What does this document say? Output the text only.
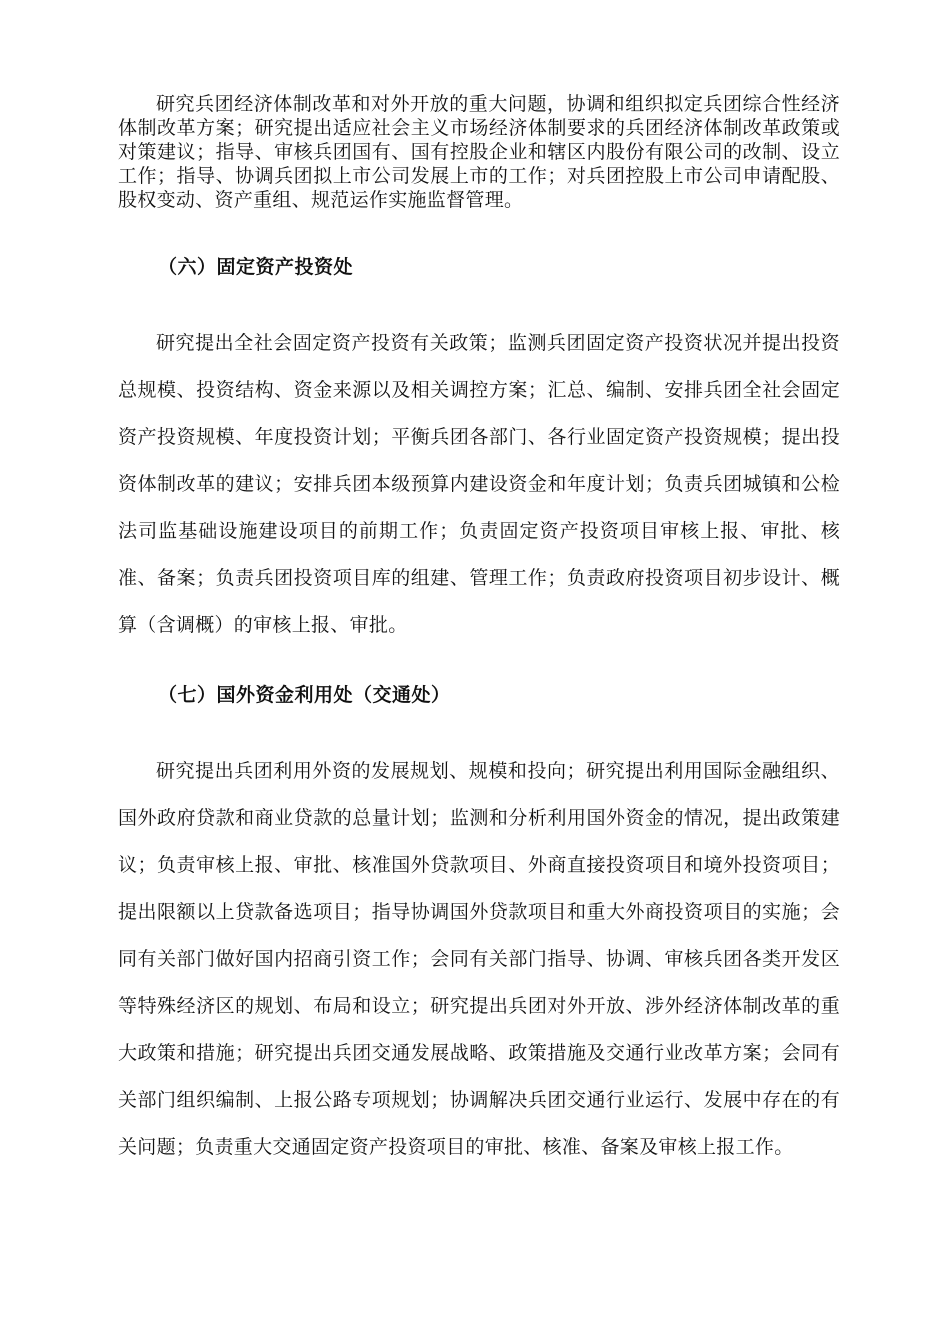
研究兵团经济体制改革和对外开放的重大问题，协调和组织拟定兵团综合性经济体制改革方案；研究提出适应社会主义市场经济体制要求的兵团经济体制改革政策或对策建议；指导、审核兵团国有、国有控股企业和辖区内股份有限公司的改制、设立工作；指导、协调兵团拟上市公司发展上市的工作；对兵团控股上市公司申请配股、股权变动、资产重组、规范运作实施监督管理。

（六）固定资产投资处

研究提出全社会固定资产投资有关政策；监测兵团固定资产投资状况并提出投资总规模、投资结构、资金来源以及相关调控方案；汇总、编制、安排兵团全社会固定资产投资规模、年度投资计划；平衡兵团各部门、各行业固定资产投资规模；提出投资体制改革的建议；安排兵团本级预算内建设资金和年度计划；负责兵团城镇和公检法司监基础设施建设项目的前期工作；负责固定资产投资项目审核上报、审批、核准、备案；负责兵团投资项目库的组建、管理工作；负责政府投资项目初步设计、概算（含调概）的审核上报、审批。

（七）国外资金利用处（交通处）

研究提出兵团利用外资的发展规划、规模和投向；研究提出利用国际金融组织、国外政府贷款和商业贷款的总量计划；监测和分析利用国外资金的情况，提出政策建议；负责审核上报、审批、核准国外贷款项目、外商直接投资项目和境外投资项目；提出限额以上贷款备选项目；指导协调国外贷款项目和重大外商投资项目的实施；会同有关部门做好国内招商引资工作；会同有关部门指导、协调、审核兵团各类开发区等特殊经济区的规划、布局和设立；研究提出兵团对外开放、涉外经济体制改革的重大政策和措施；研究提出兵团交通发展战略、政策措施及交通行业改革方案；会同有关部门组织编制、上报公路专项规划；协调解决兵团交通行业运行、发展中存在的有关问题；负责重大交通固定资产投资项目的审批、核准、备案及审核上报工作。
